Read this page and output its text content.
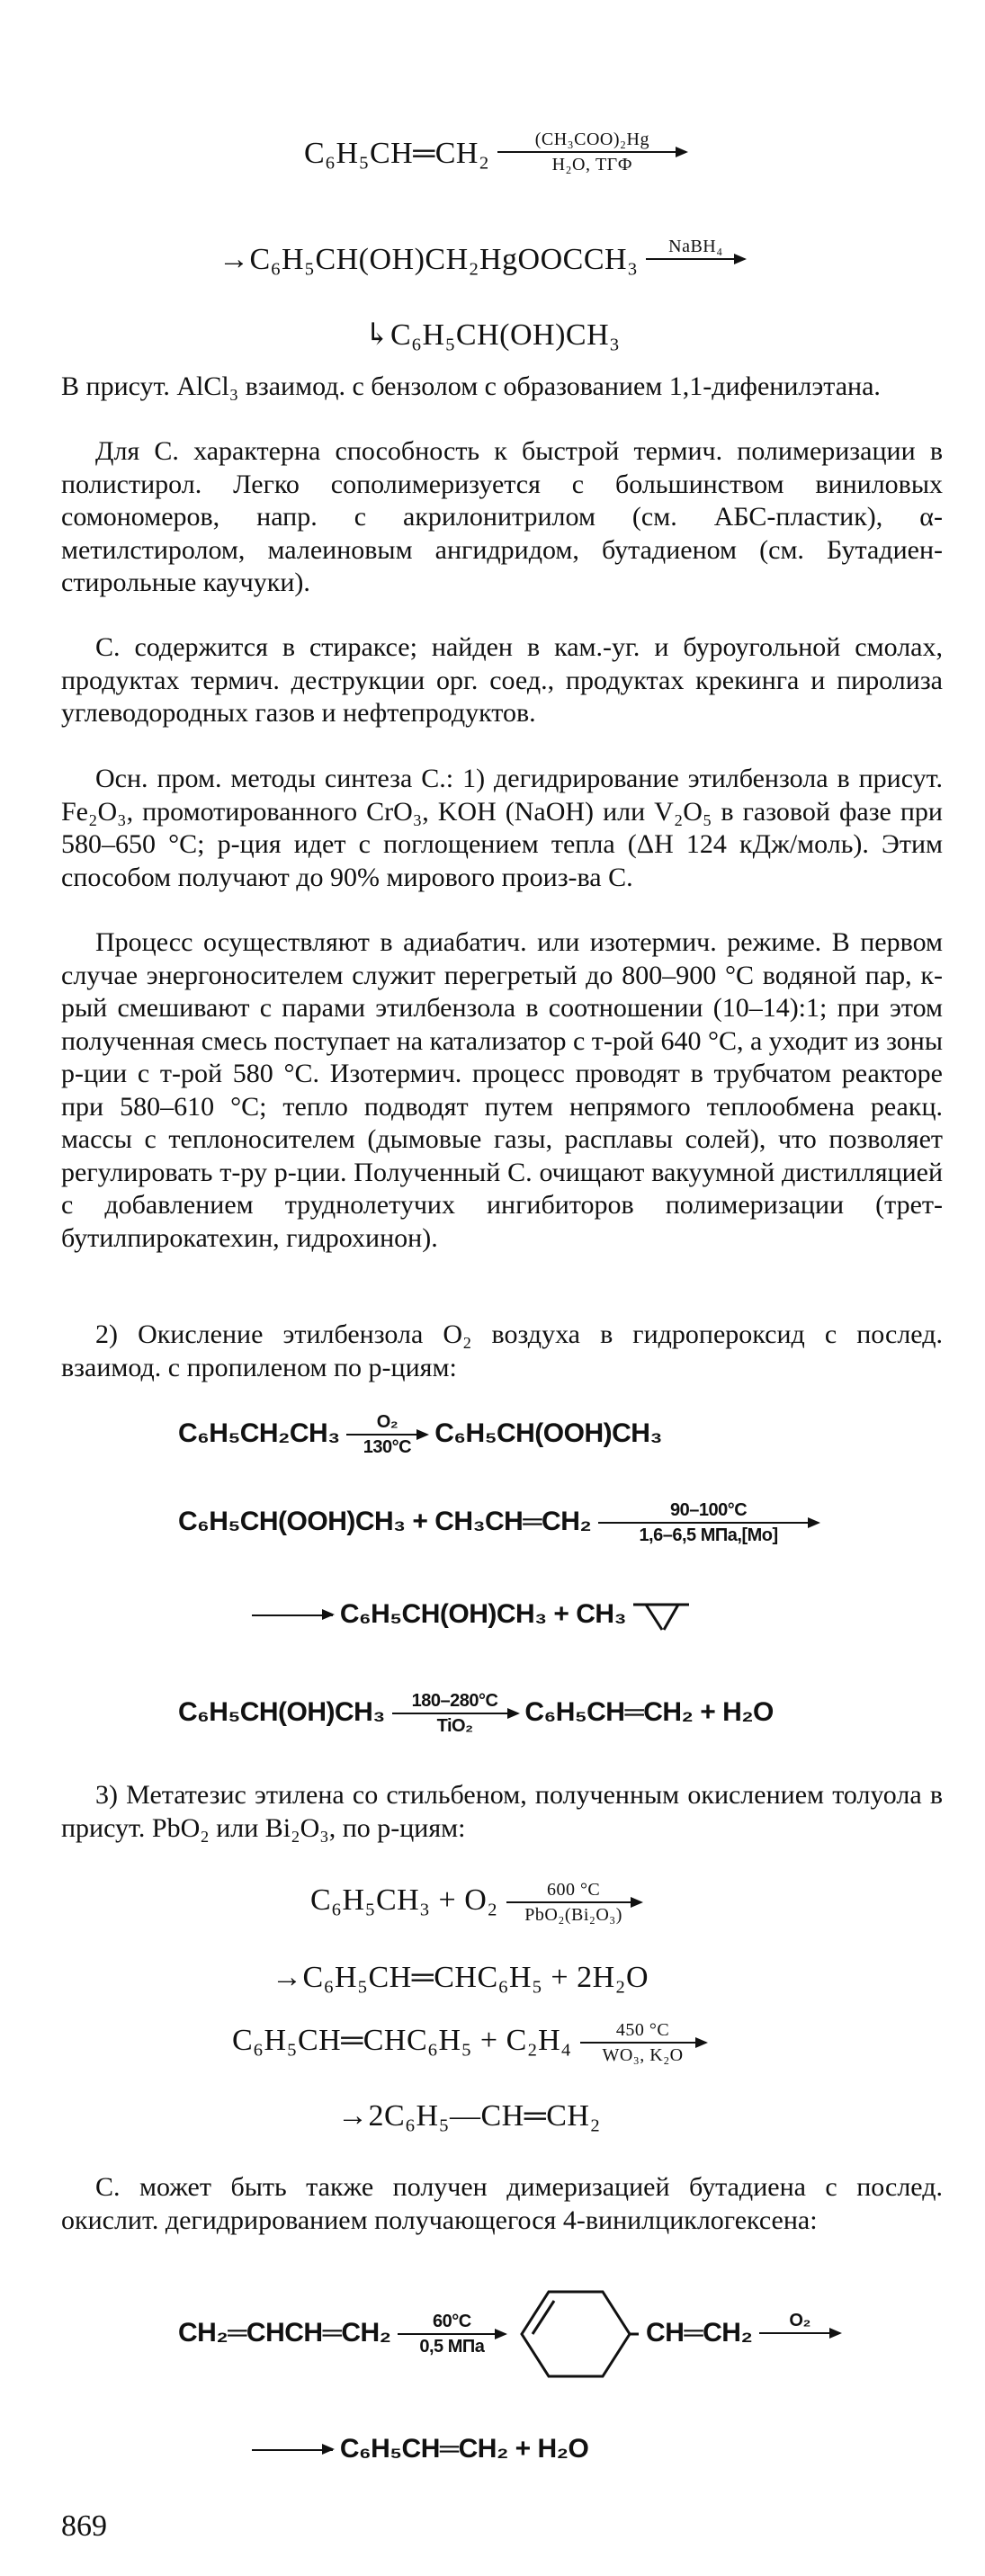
C₆H₅CH═CH₂	(CH₃COO)₂Hg
H₂O, ТГФ
→C₆H₅CH(OH)CH₂HgOOCCH₃	NaBH₄
↳C₆H₅CH(OH)CH₃

В присут. AlCl₃ взаимод. с бензолом с образованием 1,1-дифенилэтана.

Для С. характерна способность к быстрой термич. полимеризации в полистирол. Легко сополимеризуется с большинством виниловых сомономеров, напр. с акрилонитрилом (см. АБС-пластик), α-метилстиролом, малеиновым ангидридом, бутадиеном (см. Бутадиен-стирольные каучуки).

С. содержится в стираксе; найден в кам.-уг. и буроугольной смолах, продуктах термич. деструкции орг. соед., продуктах крекинга и пиролиза углеводородных газов и нефтепродуктов.

Осн. пром. методы синтеза С.: 1) дегидрирование этилбензола в присут. Fe₂O₃, промотированного CrO₃, KOH (NaOH) или V₂O₅ в газовой фазе при 580–650 °С; р-ция идет с поглощением тепла (ΔH 124 кДж/моль). Этим способом получают до 90% мирового произ-ва С.

Процесс осуществляют в адиабатич. или изотермич. режиме. В первом случае энергоносителем служит перегретый до 800–900 °С водяной пар, к-рый смешивают с парами этилбензола в соотношении (10–14):1; при этом полученная смесь поступает на катализатор с т-рой 640 °С, а уходит из зоны р-ции с т-рой 580 °С. Изотермич. процесс проводят в трубчатом реакторе при 580–610 °С; тепло подводят путем непрямого теплообмена реакц. массы с теплоносителем (дымовые газы, расплавы солей), что позволяет регулировать т-ру р-ции. Полученный С. очищают вакуумной дистилляцией с добавлением труднолетучих ингибиторов полимеризации (трет-бутилпирокатехин, гидрохинон).

2) Окисление этилбензола O₂ воздуха в гидропероксид с послед. взаимод. с пропиленом по р-циям:

$C_6H_5CH_2CH_3 \frac{\text{O₂}}{130^\circ C} C_6H_5CH(OOH)CH_3$
C₆H₅CH(OOH)CH₃ + CH₃CH═CH₂	90–100°C
1,6–6,5 MПa,[Mo]
C₆H₅CH(OH)CH₃ + CH₃
C₆H₅CH(OH)CH₃	180–280°C
TiO₂	C₆H₅CH═CH₂ + H₂O

3) Метатезис этилена со стильбеном, полученным окислением толуола в присут. PbO₂ или Bi₂O₃, по р-циям:

C₆H₅CH₃ + O₂	600 °C
PbO₂(Bi₂O₃)
→C₆H₅CH═CHC₆H₅ + 2H₂O
C₆H₅CH═CHC₆H₅ + $C_2H_4 \frac{450 ^\circ C}{\text{WO₃, K₂O}}$
→2C₆H₅—CH═CH₂

С. может быть также получен димеризацией бутадиена с послед. окислит. дегидрированием получающегося 4-винилциклогексена:

CH₂═CHCH═CH₂	60°C
0,5 MПa	CH═CH₂	O₂
C₆H₅CH═CH₂ + H₂O
869
